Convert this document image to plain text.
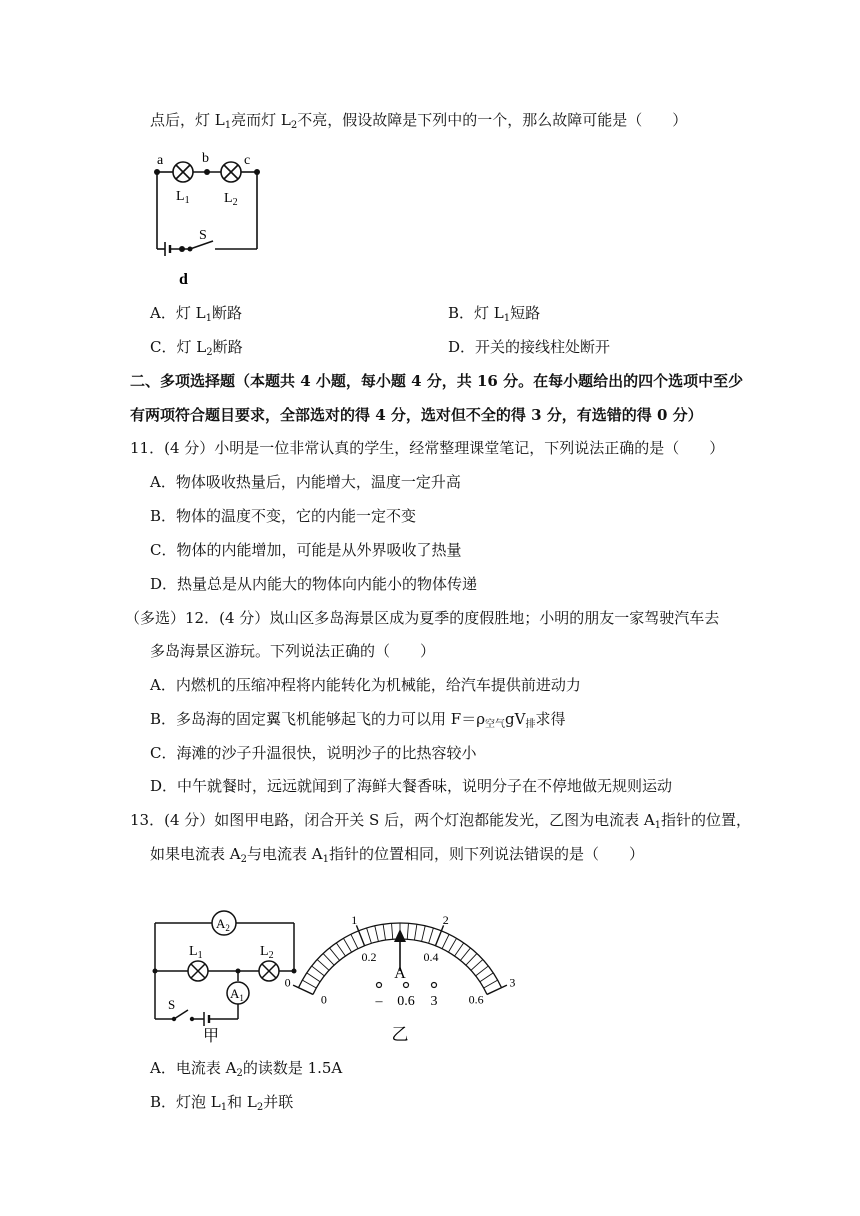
点后，灯 $L_1$亮而灯 $L_2$不亮，假设故障是下列中的一个，那么故障可能是（　　）
a	b	c
$L_1$ $L_2$
S
d
A．灯 $L_1$断路	B．灯 $L_1$短路
C．灯 $L_2$断路	D．开关的接线柱处断开
二、多项选择题（本题共 4 小题，每小题 4 分，共 16 分。在每小题给出的四个选项中至少
有两项符合题目要求，全部选对的得 4 分，选对但不全的得 3 分，有选错的得 0 分）
11．(4 分）小明是一位非常认真的学生，经常整理课堂笔记，下列说法正确的是（　　）
A．物体吸收热量后，内能增大，温度一定升高
B．物体的温度不变，它的内能一定不变
C．物体的内能增加，可能是从外界吸收了热量
D．热量总是从内能大的物体向内能小的物体传递
（多选）12．(4 分）岚山区多岛海景区成为夏季的度假胜地；小明的朋友一家驾驶汽车去
多岛海景区游玩。下列说法正确的（　　）
A．内燃机的压缩冲程将内能转化为机械能，给汽车提供前进动力
B．多岛海的固定翼飞机能够起飞的力可以用 $F=\rho_{空气}gV_排$求得
C．海滩的沙子升温很快，说明沙子的比热容较小
D．中午就餐时，远远就闻到了海鲜大餐香味，说明分子在不停地做无规则运动
13．(4 分）如图甲电路，闭合开关 S 后，两个灯泡都能发光，乙图为电流表 $A_1$指针的位置，
如果电流表 $A_2$与电流表 $A_1$指针的位置相同，则下列说法错误的是（　　）
$A_2$
$A_1$
$L_1$	$L_2$
S
甲
0
1	2
3
0
0.2	0.4
0.6
A
– 0.6 3
乙
A．电流表 $A_2$的读数是 1.5A
B．灯泡 $L_1$和 $L_2$并联
